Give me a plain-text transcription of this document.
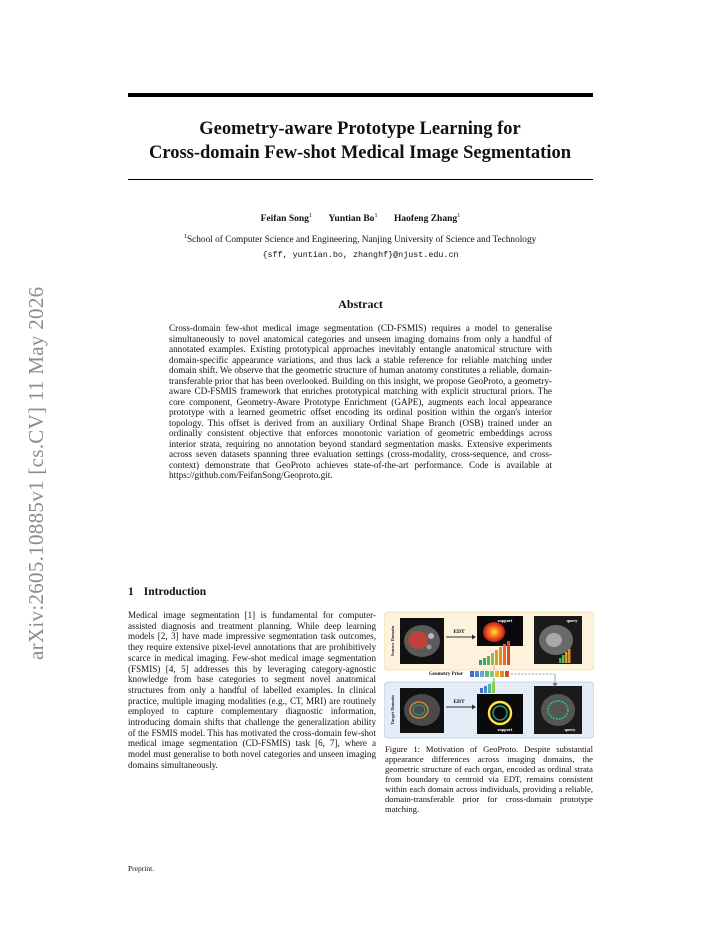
Geometry-aware Prototype Learning for
Cross-domain Few-shot Medical Image Segmentation
Feifan Song$^1$ Yuntian Bo$^1$ Haofeng Zhang$^1$
$^1$School of Computer Science and Engineering, Nanjing University of Science and Technology
{sff, yuntian.bo, zhanghf}@njust.edu.cn
Abstract
Cross-domain few-shot medical image segmentation (CD-FSMIS) requires a model to generalise simultaneously to novel anatomical categories and unseen imaging domains from only a handful of annotated examples. Existing prototypical approaches inevitably entangle anatomical structure with domain-specific appearance variations, and thus lack a stable reference for reliable matching under domain shift. We observe that the geometric structure of human anatomy constitutes a reliable, domain-transferable prior that has been overlooked. Building on this insight, we propose GeoProto, a geometry-aware CD-FSMIS framework that enriches prototypical matching with explicit structural priors. The core component, Geometry-Aware Prototype Enrichment (GAPE), augments each local appearance prototype with a learned geometric offset encoding its ordinal position within the organ's interior topology. This offset is derived from an auxiliary Ordinal Shape Branch (OSB) trained under an ordinally consistent objective that enforces monotonic variation of geometric embeddings across interior strata, requiring no annotation beyond standard segmentation masks. Extensive experiments across seven datasets spanning three evaluation settings (cross-modality, cross-sequence, and cross-context) demonstrate that GeoProto achieves state-of-the-art performance. Code is available at https://github.com/FeifanSong/Geoproto.git.
arXiv:2605.10885v1 [cs.CV] 11 May 2026	1 Introduction
Medical image segmentation [1] is fundamental for computer-assisted diagnosis and treatment planning. While deep learning models [2, 3] have made impressive segmentation task outcomes, they require extensive pixel-level annotations that are prohibitively scarce in medical imaging. Few-shot medical image segmentation (FSMIS) [4, 5] addresses this by leveraging category-agnostic knowledge from base categories to segment novel anatomical structures from only a handful of labelled examples. In clinical practice, multiple imaging modalities (e.g., CT, MRI) are routinely employed to capture complementary diagnostic information, introducing domain shifts that challenge the generalization ability of the FSMIS model. This has motivated the cross-domain few-shot medical image segmentation (CD-FSMIS) task [6, 7], where a model must generalise to both novel categories and unseen imaging domains simultaneously.
Source Domain
Target Domain
EDT
support	query
Geometry Prior
EDT
support	query
Figure 1: Motivation of GeoProto. Despite substantial appearance differences across imaging domains, the geometric structure of each organ, encoded as ordinal strata from boundary to centroid via EDT, remains consistent within each domain across individuals, providing a reliable, domain-transferable prior for cross-domain prototype matching.
Preprint.
